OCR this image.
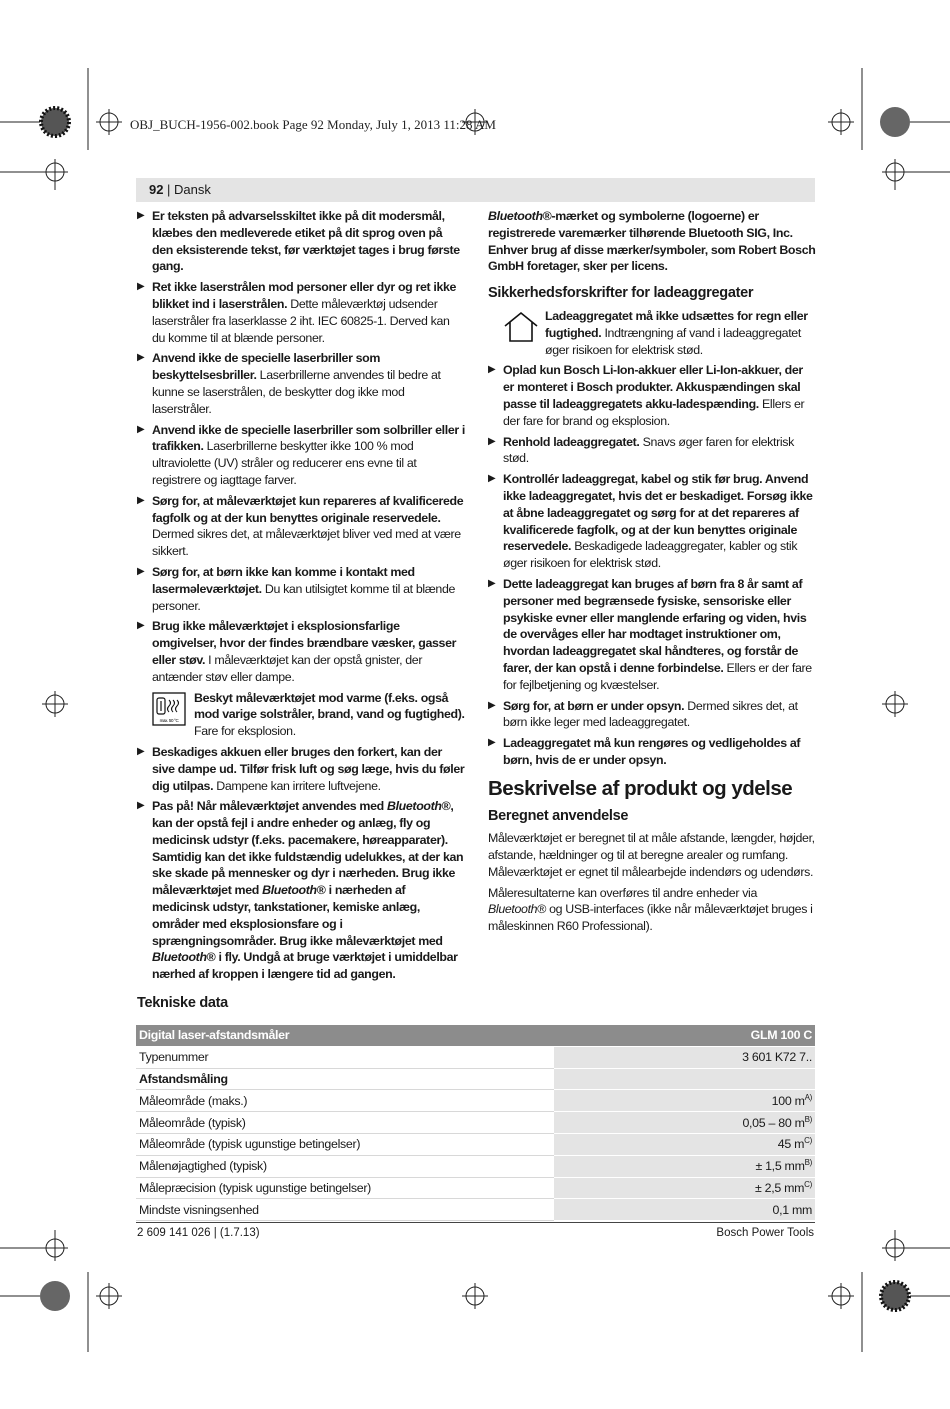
OBJ_BUCH-1956-002.book Page 92 Monday, July 1, 2013 11:28 AM
92 | Dansk
▶ Er teksten på advarselsskiltet ikke på dit modersmål, klæbes den medleverede etiket på dit sprog oven på den eksisterende tekst, før værktøjet tages i brug første gang.
▶ Ret ikke laserstrålen mod personer eller dyr og ret ikke blikket ind i laserstrålen. Dette måleværktøj udsender laserstråler fra laserklasse 2 iht. IEC 60825-1. Derved kan du komme til at blænde personer.
▶ Anvend ikke de specielle laserbriller som beskyttelsesbriller. Laserbrillerne anvendes til bedre at kunne se laserstrålen, de beskytter dog ikke mod laserstråler.
▶ Anvend ikke de specielle laserbriller som solbriller eller i trafikken. Laserbrillerne beskytter ikke 100 % mod ultraviolette (UV) stråler og reducerer ens evne til at registrere og iagttage farver.
▶ Sørg for, at måleværktøjet kun repareres af kvalificerede fagfolk og at der kun benyttes originale reservedele. Dermed sikres det, at måleværktøjet bliver ved med at være sikkert.
▶ Sørg for, at børn ikke kan komme i kontakt med laserməleværktøjet. Du kan utilsigtet komme til at blænde personer.
▶ Brug ikke måleværktøjet i eksplosionsfarlige omgivelser, hvor der findes brændbare væsker, gasser eller støv. I måleværktøjet kan der opstå gnister, der antænder støv eller dampe.
max. 50 °C
Beskyt måleværktøjet mod varme (f.eks. også mod varige solstråler, brand, vand og fugtighed). Fare for eksplosion.
▶ Beskadiges akkuen eller bruges den forkert, kan der sive dampe ud. Tilfør frisk luft og søg læge, hvis du føler dig utilpas. Dampene kan irritere luftvejene.
▶ Pas på! Når måleværktøjet anvendes med Bluetooth®, kan der opstå fejl i andre enheder og anlæg, fly og medicinsk udstyr (f.eks. pacemakere, høreapparater). Samtidig kan det ikke fuldstændig udelukkes, at der kan ske skade på mennesker og dyr i nærheden. Brug ikke måleværktøjet med Bluetooth® i nærheden af medicinsk udstyr, tankstationer, kemiske anlæg, områder med eksplosionsfare og i sprængningsområder. Brug ikke måleværktøjet med Bluetooth® i fly. Undgå at bruge værktøjet i umiddelbar nærhed af kroppen i længere tid ad gangen.
Bluetooth®-mærket og symbolerne (logoerne) er registrerede varemærker tilhørende Bluetooth SIG, Inc. Enhver brug af disse mærker/symboler, som Robert Bosch GmbH foretager, sker per licens.
Sikkerhedsforskrifter for ladeaggregater
Ladeaggregatet må ikke udsættes for regn eller fugtighed. Indtrængning af vand i ladeaggregatet øger risikoen for elektrisk stød.
▶ Oplad kun Bosch Li-Ion-akkuer eller Li-Ion-akkuer, der er monteret i Bosch produkter. Akkuspændingen skal passe til ladeaggregatets akku-ladespænding. Ellers er der fare for brand og eksplosion.
▶ Renhold ladeaggregatet. Snavs øger faren for elektrisk stød.
▶ Kontrollér ladeaggregat, kabel og stik før brug. Anvend ikke ladeaggregatet, hvis det er beskadiget. Forsøg ikke at åbne ladeaggregatet og sørg for at det repareres af kvalificerede fagfolk, og at der kun benyttes originale reservedele. Beskadigede ladeaggregater, kabler og stik øger risikoen for elektrisk stød.
▶ Dette ladeaggregat kan bruges af børn fra 8 år samt af personer med begrænsede fysiske, sensoriske eller psykiske evner eller manglende erfaring og viden, hvis de overvåges eller har modtaget instruktioner om, hvordan ladeaggregatet skal håndteres, og forstår de farer, der kan opstå i denne forbindelse. Ellers er der fare for fejlbetjening og kvæstelser.
▶ Sørg for, at børn er under opsyn. Dermed sikres det, at børn ikke leger med ladeaggregatet.
▶ Ladeaggregatet må kun rengøres og vedligeholdes af børn, hvis de er under opsyn.
Beskrivelse af produkt og ydelse
Beregnet anvendelse
Måleværktøjet er beregnet til at måle afstande, længder, højder, afstande, hældninger og til at beregne arealer og rumfang. Måleværktøjet er egnet til målearbejde indendørs og udendørs.
Måleresultaterne kan overføres til andre enheder via Bluetooth® og USB-interfaces (ikke når måleværktøjet bruges i måleskinnen R60 Professional).
Tekniske data
Digital laser-afstandsmåler	GLM 100 C
Typenummer	3 601 K72 7..
Afstandsmåling	
Måleområde (maks.)	100 $m^{A)}$
Måleområde (typisk)	0,05 – 80 $m^{B)}$
Måleområde (typisk ugunstige betingelser)	45 $m^{C)}$
Målenøjagtighed (typisk)	± 1,5 $mm^{B)}$
Målepræcision (typisk ugunstige betingelser)	± 2,5 $mm^{C)}$
Mindste visningsenhed	0,1 mm
2 609 141 026 | (1.7.13)	Bosch Power Tools
